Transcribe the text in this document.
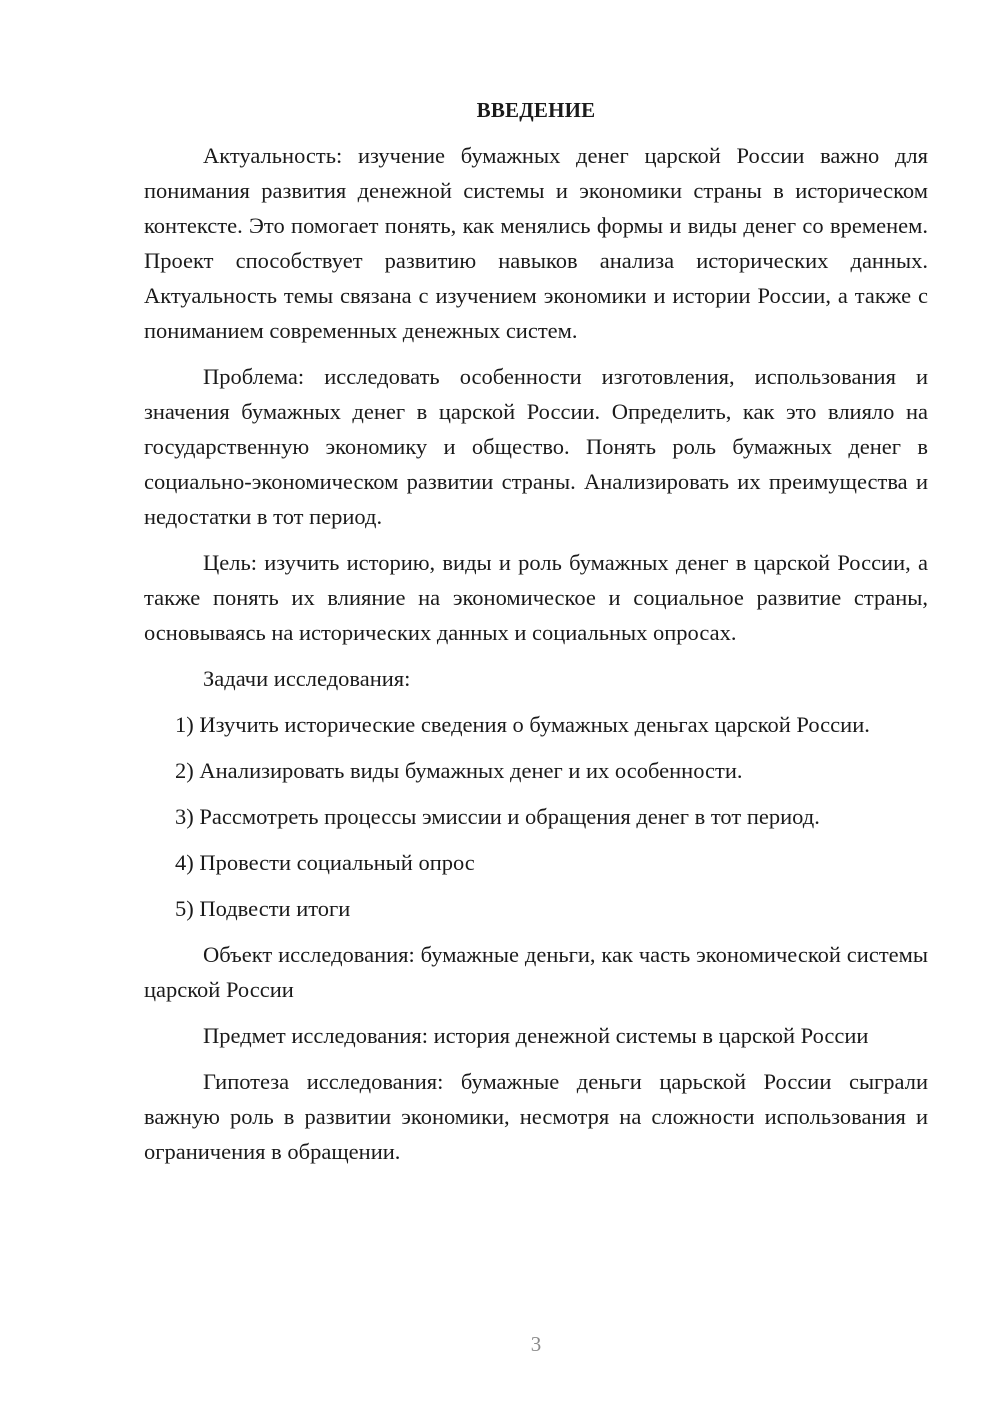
ВВЕДЕНИЕ

Актуальность: изучение бумажных денег царской России важно для понимания развития денежной системы и экономики страны в историческом контексте. Это помогает понять, как менялись формы и виды денег со временем. Проект способствует развитию навыков анализа исторических данных. Актуальность темы связана с изучением экономики и истории России, а также с пониманием современных денежных систем.

Проблема: исследовать особенности изготовления, использования и значения бумажных денег в царской России. Определить, как это влияло на государственную экономику и общество. Понять роль бумажных денег в социально-экономическом развитии страны. Анализировать их преимущества и недостатки в тот период.

Цель: изучить историю, виды и роль бумажных денег в царской России, а также понять их влияние на экономическое и социальное развитие страны, основываясь на исторических данных и социальных опросах.

Задачи исследования:

1) Изучить исторические сведения о бумажных деньгах царской России.

2) Анализировать виды бумажных денег и их особенности.

3) Рассмотреть процессы эмиссии и обращения денег в тот период.

4) Провести социальный опрос

5) Подвести итоги

Объект исследования: бумажные деньги, как часть экономической системы царской России

Предмет исследования: история денежной системы в царской России

Гипотеза исследования: бумажные деньги царьской России сыграли важную роль в развитии экономики, несмотря на сложности использования и ограничения в обращении.

3
